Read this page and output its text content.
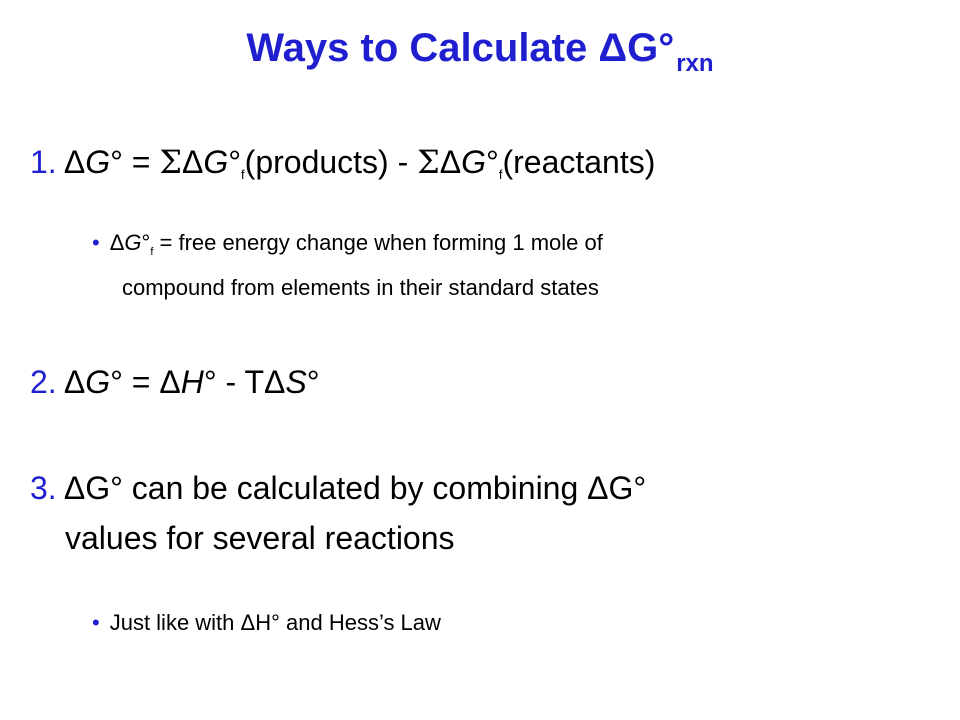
Ways to Calculate $\Delta G^\circ_{rxn}$
1. ΔG° = ΣΔG°f(products) - ΣΔG°f(reactants)
• $\Delta G^\circ_f$ = free energy change when forming 1 mole of
compound from elements in their standard states
2. ΔG° = ΔH° - TΔS°
3. ΔG° can be calculated by combining ΔG°
values for several reactions
• Just like with ΔH° and Hess’s Law
